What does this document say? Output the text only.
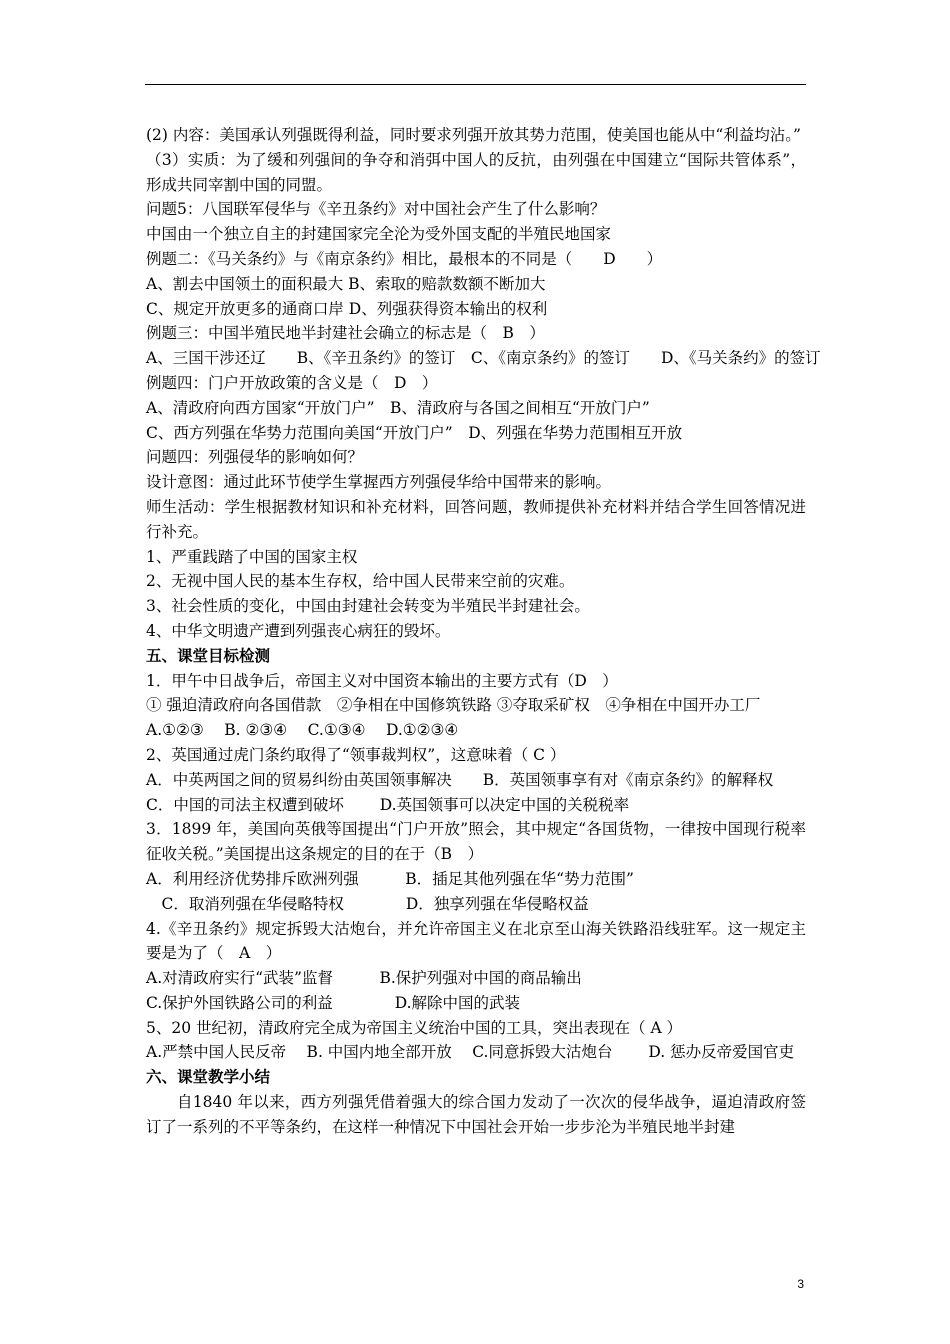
(2) 内容：美国承认列强既得利益，同时要求列强开放其势力范围，使美国也能从中“利益均沾。”
（3）实质：为了缓和列强间的争夺和消弭中国人的反抗，由列强在中国建立“国际共管体系”，形成共同宰割中国的同盟。
问题5：八国联军侵华与《辛丑条约》对中国社会产生了什么影响？
中国由一个独立自主的封建国家完全沦为受外国支配的半殖民地国家
例题二：《马关条约》与《南京条约》相比，最根本的不同是（　　D　　）
A、割去中国领土的面积最大 B、索取的赔款数额不断加大
C、规定开放更多的通商口岸 D、列强获得资本输出的权利
例题三：中国半殖民地半封建社会确立的标志是（　B　）
A、三国干涉还辽　　B、《辛丑条约》的签订　C、《南京条约》的签订　　D、《马关条约》的签订
例题四：门户开放政策的含义是（　D　）
A、清政府向西方国家“开放门户”　B、清政府与各国之间相互“开放门户”
C、西方列强在华势力范围向美国“开放门户”　D、列强在华势力范围相互开放
问题四：列强侵华的影响如何？
设计意图：通过此环节使学生掌握西方列强侵华给中国带来的影响。
师生活动：学生根据教材知识和补充材料，回答问题，教师提供补充材料并结合学生回答情况进行补充。
1、严重践踏了中国的国家主权
2、无视中国人民的基本生存权，给中国人民带来空前的灾难。
3、社会性质的变化，中国由封建社会转变为半殖民半封建社会。
4、中华文明遗产遭到列强丧心病狂的毁坏。
五、课堂目标检测
1．甲午中日战争后，帝国主义对中国资本输出的主要方式有（D　）
① 强迫清政府向各国借款　②争相在中国修筑铁路 ③夺取采矿权　④争相在中国开办工厂
A.①②③　 B. ②③④　 C.①③④　 D.①②③④
2、英国通过虎门条约取得了“领事裁判权”，这意味着（ C ）
A．中英两国之间的贸易纠纷由英国领事解决　　B．英国领事享有对《南京条约》的解释权
C．中国的司法主权遭到破坏　　 D.英国领事可以决定中国的关税税率
3．1899 年，美国向英俄等国提出“门户开放”照会，其中规定“各国货物，一律按中国现行税率征收关税。”美国提出这条规定的目的在于（B　）
A．利用经济优势排斥欧洲列强　　　B．插足其他列强在华“势力范围”
　C．取消列强在华侵略特权　　　　D．独享列强在华侵略权益
4.《辛丑条约》规定拆毁大沽炮台，并允许帝国主义在北京至山海关铁路沿线驻军。这一规定主要是为了（　A　）
A.对清政府实行“武装”监督　　　B.保护列强对中国的商品输出
C.保护外国铁路公司的利益　　　　D.解除中国的武装
5、20 世纪初，清政府完全成为帝国主义统治中国的工具，突出表现在（ A ）
A.严禁中国人民反帝　 B. 中国内地全部开放　 C.同意拆毁大沽炮台　　 D. 惩办反帝爱国官吏
六、课堂教学小结
自1840 年以来，西方列强凭借着强大的综合国力发动了一次次的侵华战争，逼迫清政府签订了一系列的不平等条约，在这样一种情况下中国社会开始一步步沦为半殖民地半封建
3
